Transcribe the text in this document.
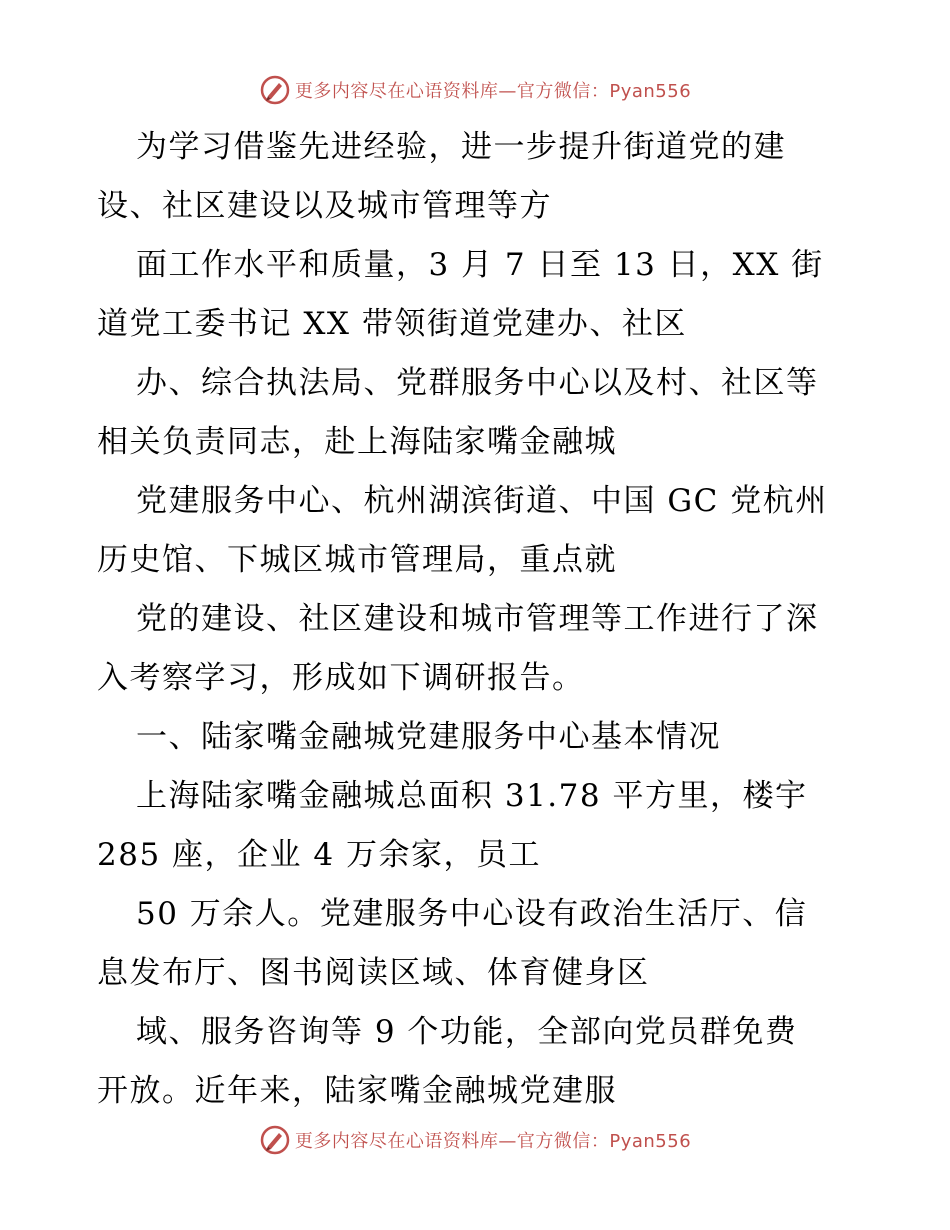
更多内容尽在心语资料库—官方微信：Pyan556
为学习借鉴先进经验，进一步提升街道党的建
设、社区建设以及城市管理等方
面工作水平和质量，3 月 7 日至 13 日，XX 街
道党工委书记 XX 带领街道党建办、社区
办、综合执法局、党群服务中心以及村、社区等
相关负责同志，赴上海陆家嘴金融城
党建服务中心、杭州湖滨街道、中国 GC 党杭州
历史馆、下城区城市管理局，重点就
党的建设、社区建设和城市管理等工作进行了深
入考察学习，形成如下调研报告。
一、陆家嘴金融城党建服务中心基本情况
上海陆家嘴金融城总面积 31.78 平方里，楼宇
285 座，企业 4 万余家，员工
50 万余人。党建服务中心设有政治生活厅、信
息发布厅、图书阅读区域、体育健身区
域、服务咨询等 9 个功能，全部向党员群免费
开放。近年来，陆家嘴金融城党建服
更多内容尽在心语资料库—官方微信：Pyan556
